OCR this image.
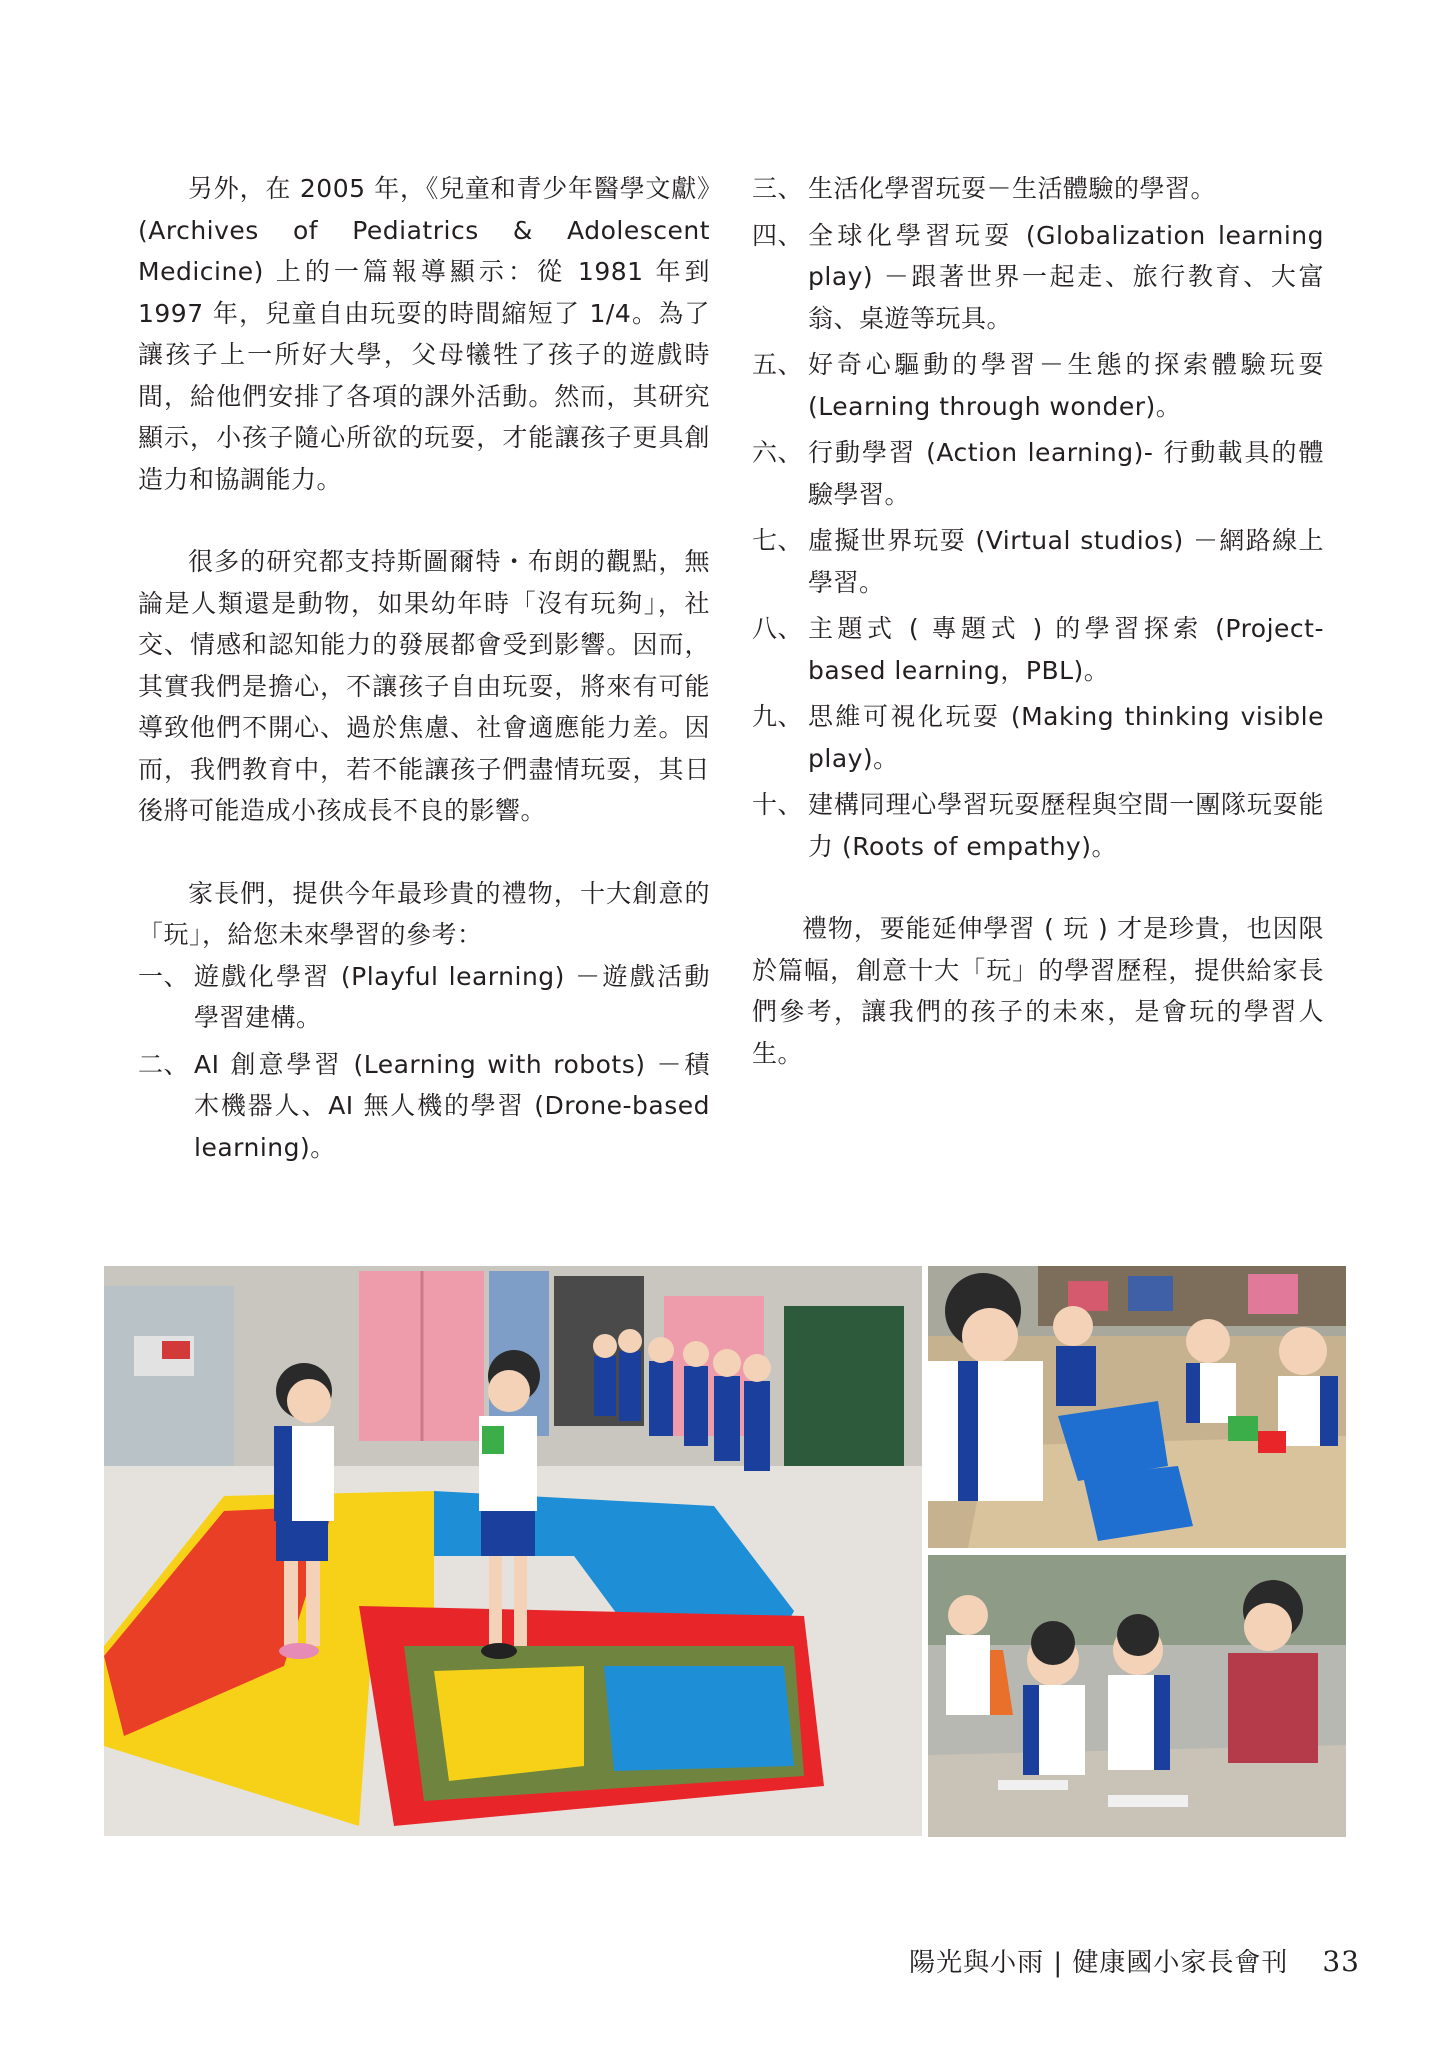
另外，在 2005 年，《兒童和青少年醫學文獻》(Archives of Pediatrics & Adolescent Medicine) 上的一篇報導顯示：從 1981 年到 1997 年，兒童自由玩耍的時間縮短了 1/4。為了讓孩子上一所好大學，父母犧牲了孩子的遊戲時間，給他們安排了各項的課外活動。然而，其研究顯示，小孩子隨心所欲的玩耍，才能讓孩子更具創造力和協調能力。

很多的研究都支持斯圖爾特・布朗的觀點，無論是人類還是動物，如果幼年時「沒有玩夠」，社交、情感和認知能力的發展都會受到影響。因而，其實我們是擔心，不讓孩子自由玩耍，將來有可能導致他們不開心、過於焦慮、社會適應能力差。因而，我們教育中，若不能讓孩子們盡情玩耍，其日後將可能造成小孩成長不良的影響。

家長們，提供今年最珍貴的禮物，十大創意的「玩」，給您未來學習的參考：

一、 遊戲化學習 (Playful learning) －遊戲活動學習建構。
二、 AI 創意學習 (Learning with robots) －積木機器人、AI 無人機的學習 (Drone-based learning)。
三、 生活化學習玩耍－生活體驗的學習。
四、 全球化學習玩耍 (Globalization learning play) －跟著世界一起走、旅行教育、大富翁、桌遊等玩具。
五、 好奇心驅動的學習－生態的探索體驗玩耍 (Learning through wonder)。
六、 行動學習 (Action learning)- 行動載具的體驗學習。
七、 虛擬世界玩耍 (Virtual studios) －網路線上學習。
八、 主題式 ( 專題式 ) 的學習探索 (Project-based learning，PBL)。
九、 思維可視化玩耍 (Making thinking visible play)。
十、 建構同理心學習玩耍歷程與空間一團隊玩耍能力 (Roots of empathy)。

禮物，要能延伸學習 ( 玩 ) 才是珍貴，也因限於篇幅，創意十大「玩」的學習歷程，提供給家長們參考，讓我們的孩子的未來，是會玩的學習人生。

陽光與小雨 | 健康國小家長會刊 33
